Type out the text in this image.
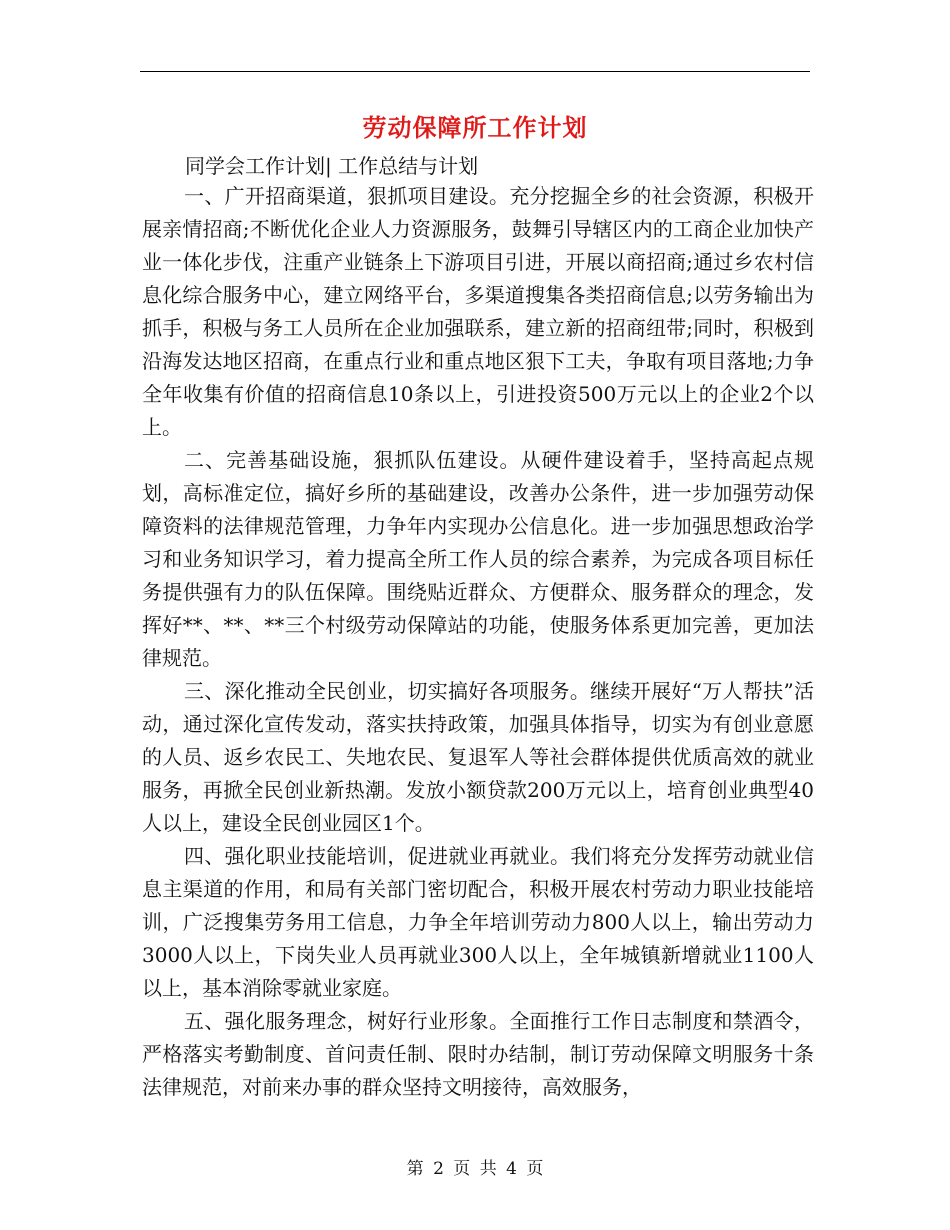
劳动保障所工作计划
同学会工作计划| 工作总结与计划

一、广开招商渠道，狠抓项目建设。充分挖掘全乡的社会资源，积极开展亲情招商;不断优化企业人力资源服务，鼓舞引导辖区内的工商企业加快产业一体化步伐，注重产业链条上下游项目引进，开展以商招商;通过乡农村信息化综合服务中心，建立网络平台，多渠道搜集各类招商信息;以劳务输出为抓手，积极与务工人员所在企业加强联系，建立新的招商纽带;同时，积极到沿海发达地区招商，在重点行业和重点地区狠下工夫，争取有项目落地;力争全年收集有价值的招商信息10条以上，引进投资500万元以上的企业2个以上。

二、完善基础设施，狠抓队伍建设。从硬件建设着手，坚持高起点规划，高标准定位，搞好乡所的基础建设，改善办公条件，进一步加强劳动保障资料的法律规范管理，力争年内实现办公信息化。进一步加强思想政治学习和业务知识学习，着力提高全所工作人员的综合素养，为完成各项目标任务提供强有力的队伍保障。围绕贴近群众、方便群众、服务群众的理念，发挥好**、**、**三个村级劳动保障站的功能，使服务体系更加完善，更加法律规范。

三、深化推动全民创业，切实搞好各项服务。继续开展好“万人帮扶”活动，通过深化宣传发动，落实扶持政策，加强具体指导，切实为有创业意愿的人员、返乡农民工、失地农民、复退军人等社会群体提供优质高效的就业服务，再掀全民创业新热潮。发放小额贷款200万元以上，培育创业典型40人以上，建设全民创业园区1个。

四、强化职业技能培训，促进就业再就业。我们将充分发挥劳动就业信息主渠道的作用，和局有关部门密切配合，积极开展农村劳动力职业技能培训，广泛搜集劳务用工信息，力争全年培训劳动力800人以上，输出劳动力3000人以上，下岗失业人员再就业300人以上，全年城镇新增就业1100人以上，基本消除零就业家庭。

五、强化服务理念，树好行业形象。全面推行工作日志制度和禁酒令，严格落实考勤制度、首问责任制、限时办结制，制订劳动保障文明服务十条法律规范，对前来办事的群众坚持文明接待，高效服务，

第 2 页 共 4 页
